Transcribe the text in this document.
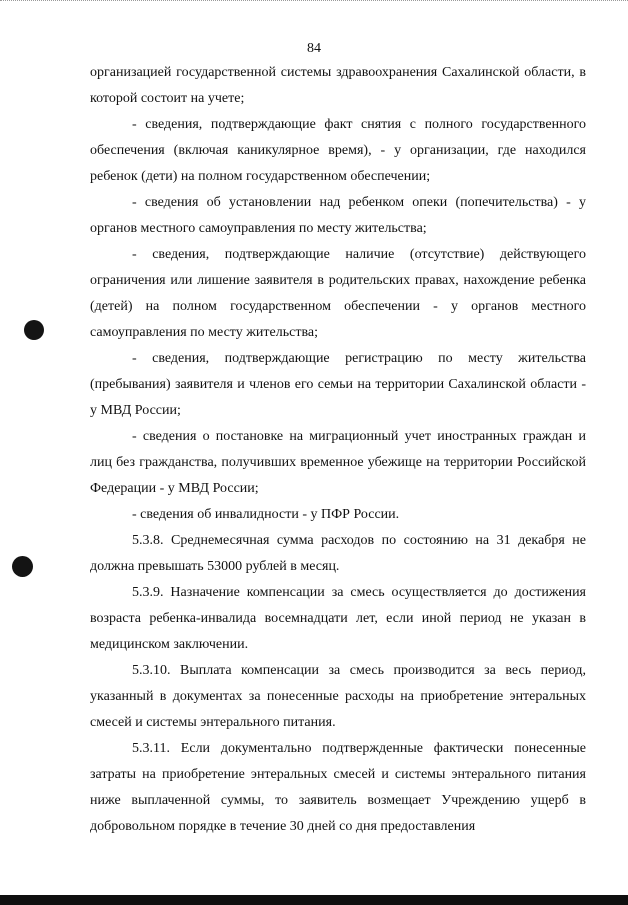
84

организацией государственной системы здравоохранения Сахалинской области, в которой состоит на учете;

- сведения, подтверждающие факт снятия с полного государственного обеспечения (включая каникулярное время), - у организации, где находился ребенок (дети) на полном государственном обеспечении;

- сведения об установлении над ребенком опеки (попечительства) - у органов местного самоуправления по месту жительства;

- сведения, подтверждающие наличие (отсутствие) действующего ограничения или лишение заявителя в родительских правах, нахождение ребенка (детей) на полном государственном обеспечении - у органов местного самоуправления по месту жительства;

- сведения, подтверждающие регистрацию по месту жительства (пребывания) заявителя и членов его семьи на территории Сахалинской области - у МВД России;

- сведения о постановке на миграционный учет иностранных граждан и лиц без гражданства, получивших временное убежище на территории Российской Федерации - у МВД России;

- сведения об инвалидности - у ПФР России.

5.3.8. Среднемесячная сумма расходов по состоянию на 31 декабря не должна превышать 53000 рублей в месяц.

5.3.9. Назначение компенсации за смесь осуществляется до достижения возраста ребенка-инвалида восемнадцати лет, если иной период не указан в медицинском заключении.

5.3.10. Выплата компенсации за смесь производится за весь период, указанный в документах за понесенные расходы на приобретение энтеральных смесей и системы энтерального питания.

5.3.11. Если документально подтвержденные фактически понесенные затраты на приобретение энтеральных смесей и системы энтерального питания ниже выплаченной суммы, то заявитель возмещает Учреждению ущерб в добровольном порядке в течение 30 дней со дня предоставления
